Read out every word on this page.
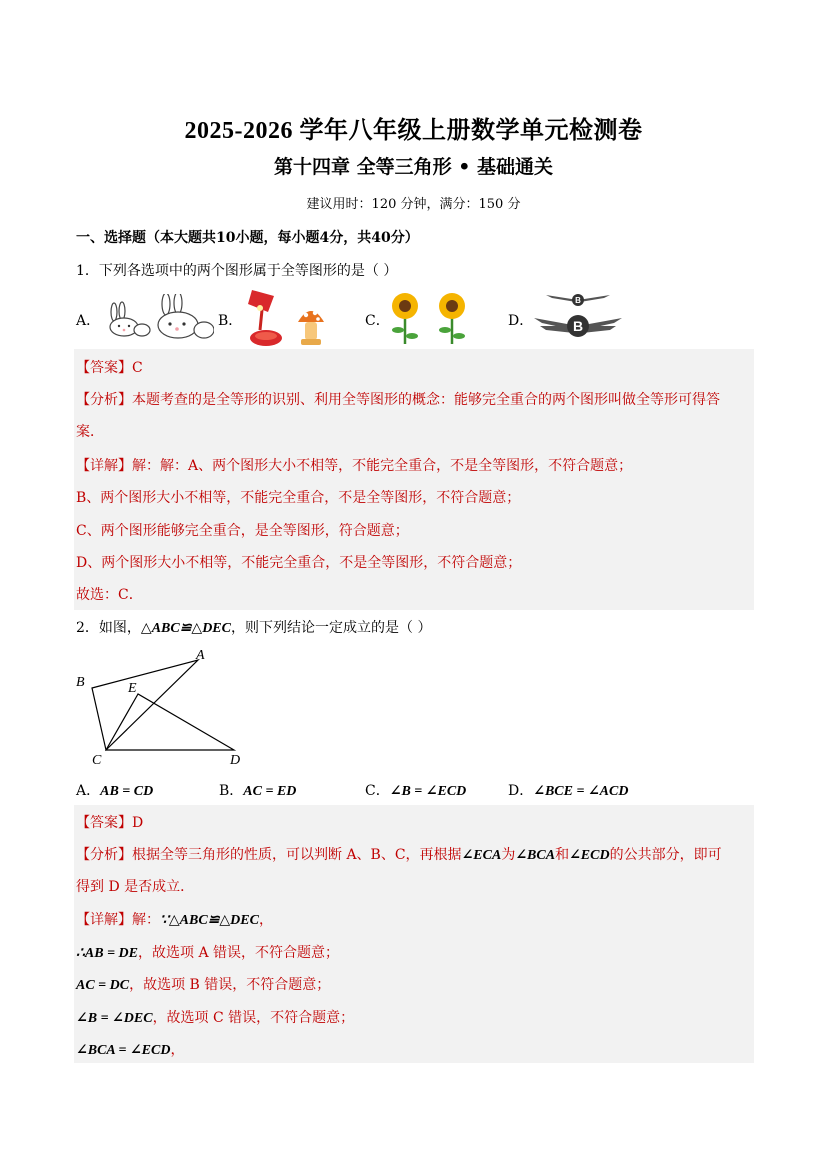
2025-2026 学年八年级上册数学单元检测卷
第十四章 全等三角形 • 基础通关
建议用时：120 分钟，满分：150 分
一、选择题（本大题共10小题，每小题4分，共40分）
1．下列各选项中的两个图形属于全等图形的是（ ）
A．	B．	C．	D．
B
B
【答案】C
【分析】本题考查的是全等形的识别、利用全等图形的概念：能够完全重合的两个图形叫做全等形可得答
案．
【详解】解：解：A、两个图形大小不相等，不能完全重合，不是全等图形，不符合题意；
B、两个图形大小不相等，不能完全重合，不是全等图形，不符合题意；
C、两个图形能够完全重合，是全等图形，符合题意；
D、两个图形大小不相等，不能完全重合，不是全等图形，不符合题意；
故选：C．
2．如图，△ABC≌△DEC，则下列结论一定成立的是（ ）
A
B	E
C	D
A．AB = CD	B．AC = ED	C．∠B = ∠ECD	D．∠BCE = ∠ACD
【答案】D
【分析】根据全等三角形的性质，可以判断 A、B、C，再根据∠ECA为∠BCA和∠ECD的公共部分，即可
得到 D 是否成立．
【详解】解：∵△ABC≌△DEC，
∴AB = DE，故选项 A 错误，不符合题意；
AC = DC，故选项 B 错误，不符合题意；
∠B = ∠DEC，故选项 C 错误，不符合题意；
∠BCA = ∠ECD，
